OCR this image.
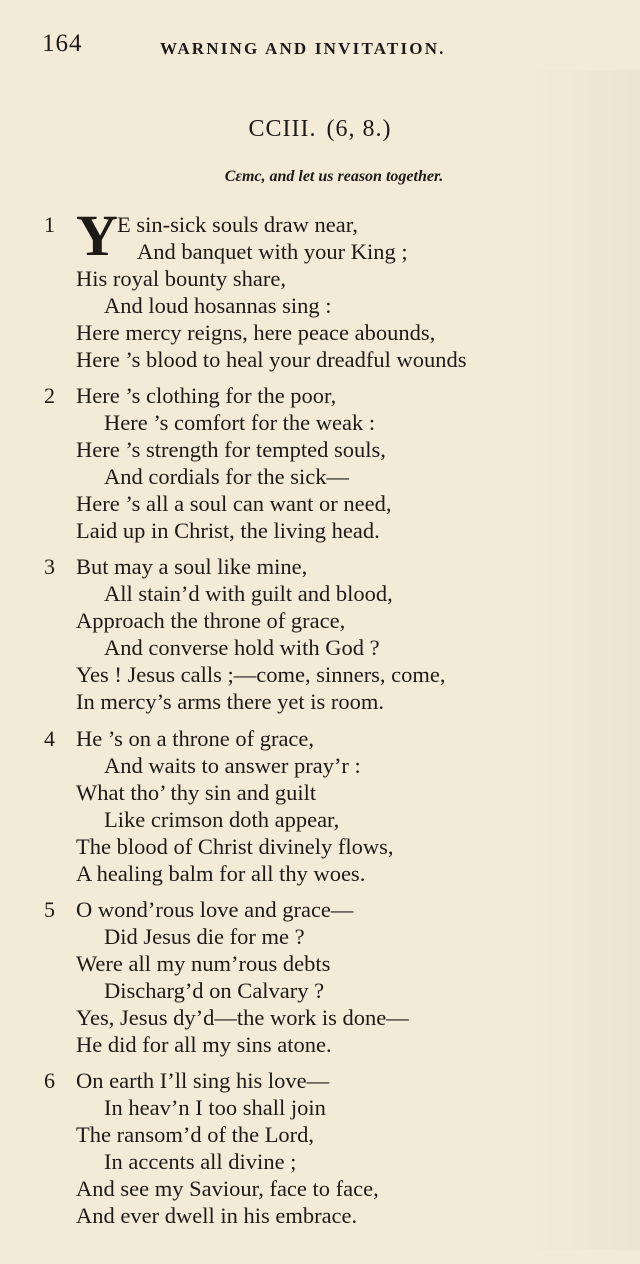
164	WARNING AND INVITATION.
CCIII. (6, 8.)
Cεmc, and let us reason together.
1 Y E sin-sick souls draw near,
And banquet with your King ;
His royal bounty share,
And loud hosannas sing :
Here mercy reigns, here peace abounds,
Here ’s blood to heal your dreadful wounds
2 Here ’s clothing for the poor,
Here ’s comfort for the weak :
Here ’s strength for tempted souls,
And cordials for the sick—
Here ’s all a soul can want or need,
Laid up in Christ, the living head.
3 But may a soul like mine,
All stain’d with guilt and blood,
Approach the throne of grace,
And converse hold with God ?
Yes ! Jesus calls ;—come, sinners, come,
In mercy’s arms there yet is room.
4 He ’s on a throne of grace,
And waits to answer pray’r :
What tho’ thy sin and guilt
Like crimson doth appear,
The blood of Christ divinely flows,
A healing balm for all thy woes.
5 O wond’rous love and grace—
Did Jesus die for me ?
Were all my num’rous debts
Discharg’d on Calvary ?
Yes, Jesus dy’d—the work is done—
He did for all my sins atone.
6 On earth I’ll sing his love—
In heav’n I too shall join
The ransom’d of the Lord,
In accents all divine ;
And see my Saviour, face to face,
And ever dwell in his embrace.
